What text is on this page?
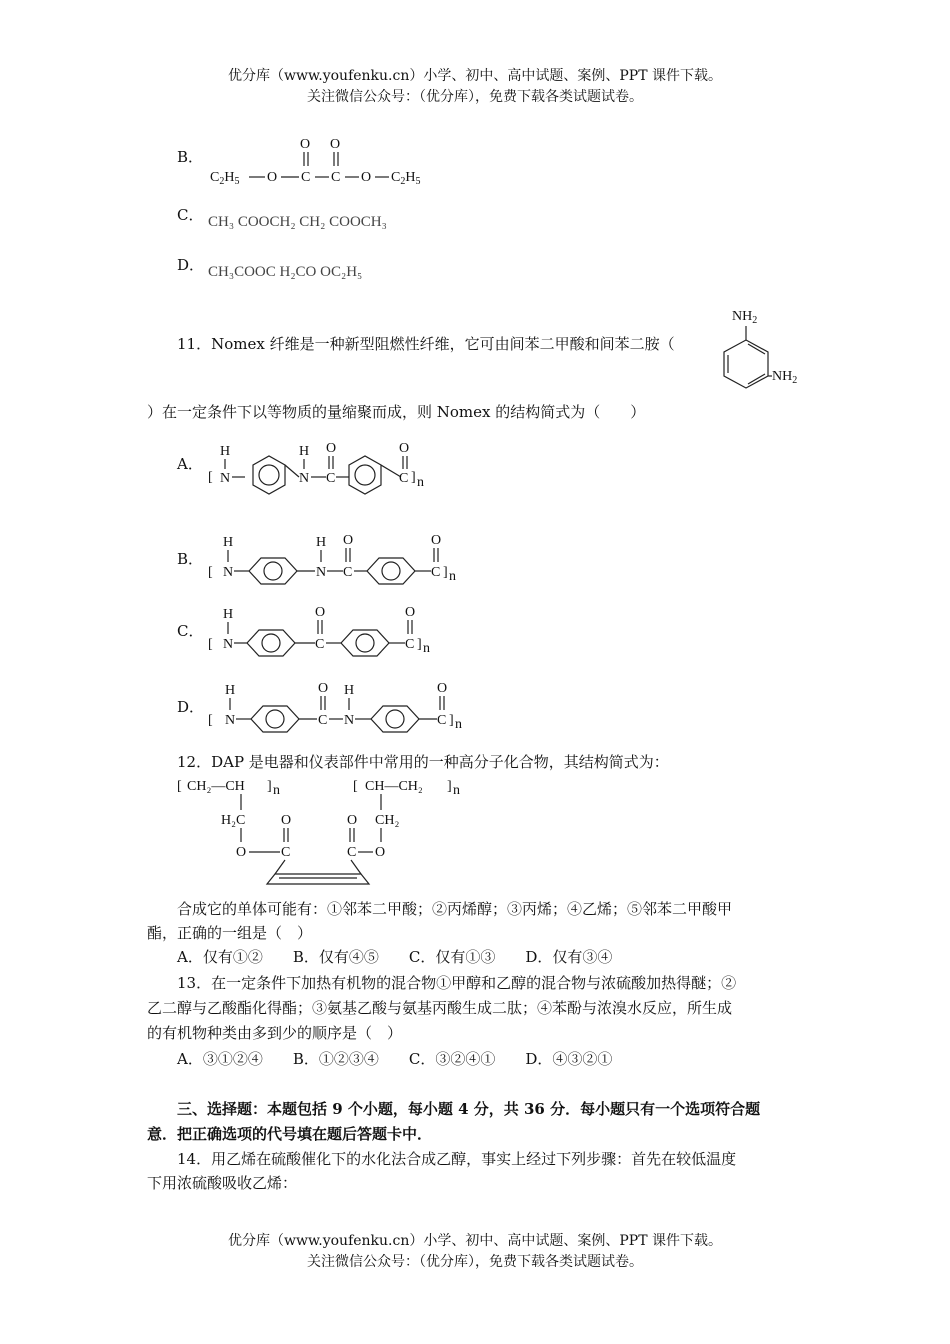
优分库（www.youfenku.cn）小学、初中、高中试题、案例、PPT 课件下载。
关注微信公众号：（优分库），免费下载各类试题试卷。
B．
$C_2H_5$ O C
O
C
O
O $C_2H_5$
C． CH₃ COOCH₂ CH₂ COOCH₃
D． CH₃COOC H₂CO OC₂H₅
11．Nomex 纤维是一种新型阻燃性纤维，它可由间苯二甲酸和间苯二胺（
$NH_2$
$NH_2$
）在一定条件下以等物质的量缩聚而成，则 Nomex 的结构简式为（　　）
A．
[
H
N
H
N
O
C
O
C ] n
B．
[
H
N
H
N
O
C
O
C ] n
C．
[
H
N
O
C
O
C ] n
D．
[
H
N
O
C
H
N
O
C ] n
12．DAP 是电器和仪表部件中常用的一种高分子化合物，其结构简式为：
[ CH₂—CH ] n
H₂C
O C
O
[ CH—CH₂ ] n
CH₂
O
C
O
合成它的单体可能有：①邻苯二甲酸；②丙烯醇；③丙烯；④乙烯；⑤邻苯二甲酸甲
酯，正确的一组是（　）
A．仅有①②　　B．仅有④⑤　　C．仅有①③　　D．仅有③④
13．在一定条件下加热有机物的混合物①甲醇和乙醇的混合物与浓硫酸加热得醚；②
乙二醇与乙酸酯化得酯；③氨基乙酸与氨基丙酸生成二肽；④苯酚与浓溴水反应，所生成
的有机物种类由多到少的顺序是（　）
A．③①②④　　B．①②③④　　C．③②④①　　D．④③②①
三、选择题：本题包括 9 个小题，每小题 4 分，共 36 分．每小题只有一个选项符合题
意．把正确选项的代号填在题后答题卡中．
14．用乙烯在硫酸催化下的水化法合成乙醇，事实上经过下列步骤：首先在较低温度
下用浓硫酸吸收乙烯：
优分库（www.youfenku.cn）小学、初中、高中试题、案例、PPT 课件下载。
关注微信公众号：（优分库），免费下载各类试题试卷。
